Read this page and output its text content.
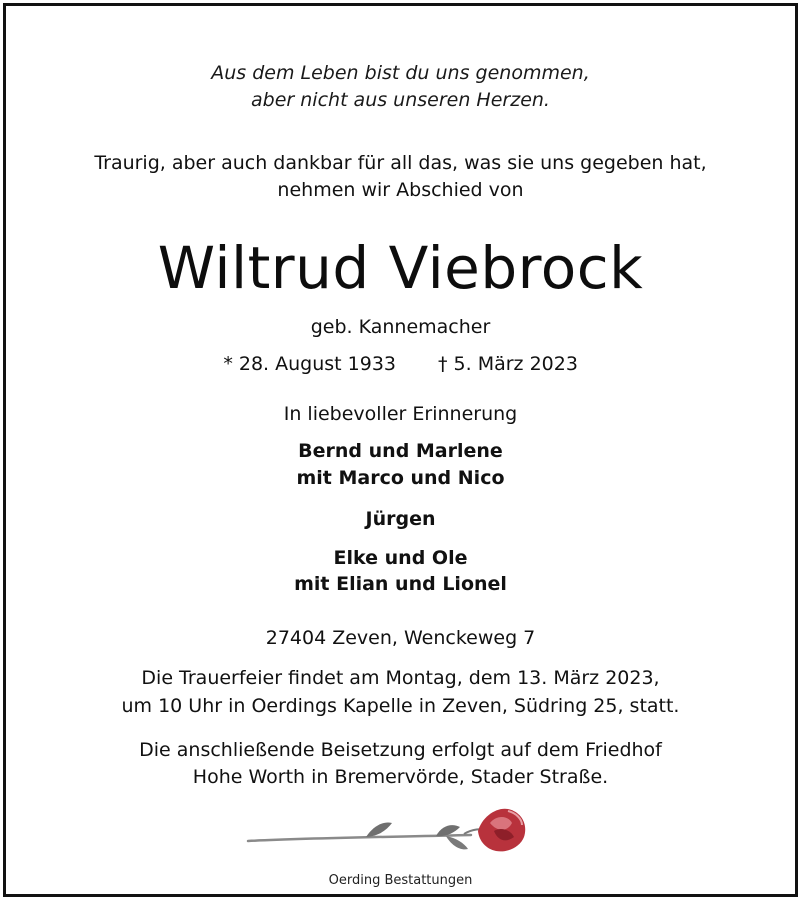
Aus dem Leben bist du uns genommen,
aber nicht aus unseren Herzen.
Traurig, aber auch dankbar für all das, was sie uns gegeben hat,
nehmen wir Abschied von
Wiltrud Viebrock
geb. Kannemacher
* 28. August 1933 † 5. März 2023
In liebevoller Erinnerung
Bernd und Marlene
mit Marco und Nico
Jürgen
Elke und Ole
mit Elian und Lionel
27404 Zeven, Wenckeweg 7
Die Trauerfeier findet am Montag, dem 13. März 2023,
um 10 Uhr in Oerdings Kapelle in Zeven, Südring 25, statt.
Die anschließende Beisetzung erfolgt auf dem Friedhof
Hohe Worth in Bremervörde, Stader Straße.
Oerding Bestattungen
